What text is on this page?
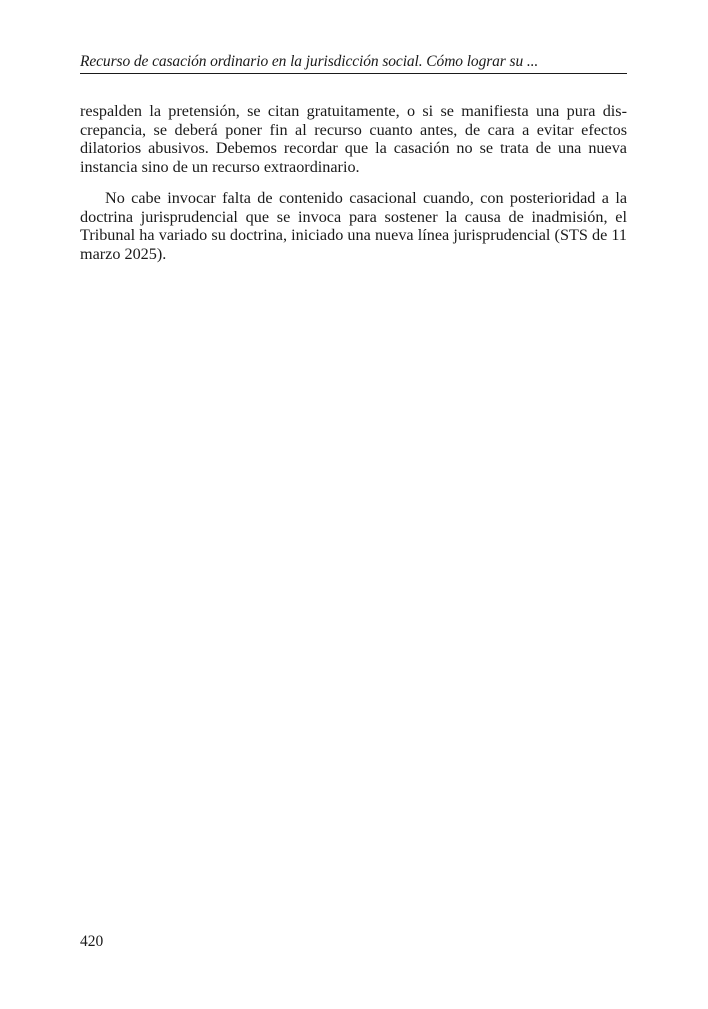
Recurso de casación ordinario en la jurisdicción social. Cómo lograr su ...

respalden la pretensión, se citan gratuitamente, o si se manifiesta una pura discrepancia, se deberá poner fin al recurso cuanto antes, de cara a evitar efectos dilatorios abusivos. Debemos recordar que la casación no se trata de una nueva instancia sino de un recurso extraordinario.

No cabe invocar falta de contenido casacional cuando, con posterioridad a la doctrina jurisprudencial que se invoca para sostener la causa de inadmisión, el Tribunal ha variado su doctrina, iniciado una nueva línea jurisprudencial (STS de 11 marzo 2025).

420
